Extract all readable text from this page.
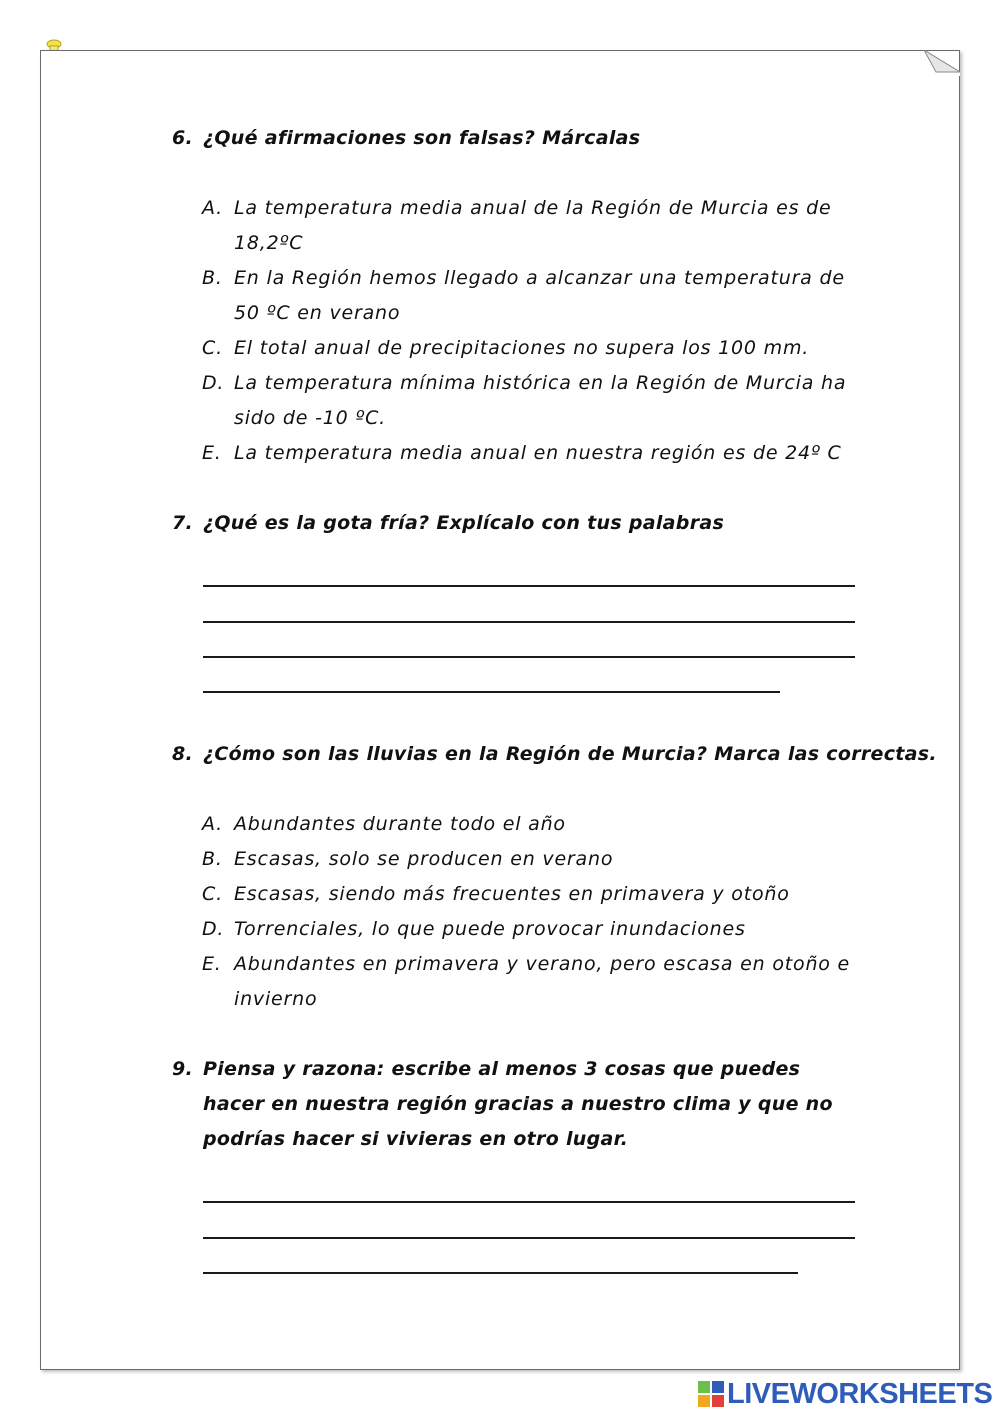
6. ¿Qué afirmaciones son falsas? Márcalas
A. La temperatura media anual de la Región de Murcia es de 18,2ºC
B. En la Región hemos llegado a alcanzar una temperatura de 50 ºC en verano
C. El total anual de precipitaciones no supera los 100 mm.
D. La temperatura mínima histórica en la Región de Murcia ha sido de -10 ºC.
E. La temperatura media anual en nuestra región es de 24º C
7. ¿Qué es la gota fría? Explícalo con tus palabras
8. ¿Cómo son las lluvias en la Región de Murcia? Marca las correctas.
A. Abundantes durante todo el año
B. Escasas, solo se producen en verano
C. Escasas, siendo más frecuentes en primavera y otoño
D. Torrenciales, lo que puede provocar inundaciones
E. Abundantes en primavera y verano, pero escasa en otoño e invierno
9. Piensa y razona: escribe al menos 3 cosas que puedes hacer en nuestra región gracias a nuestro clima y que no podrías hacer si vivieras en otro lugar.
LIVEWORKSHEETS
